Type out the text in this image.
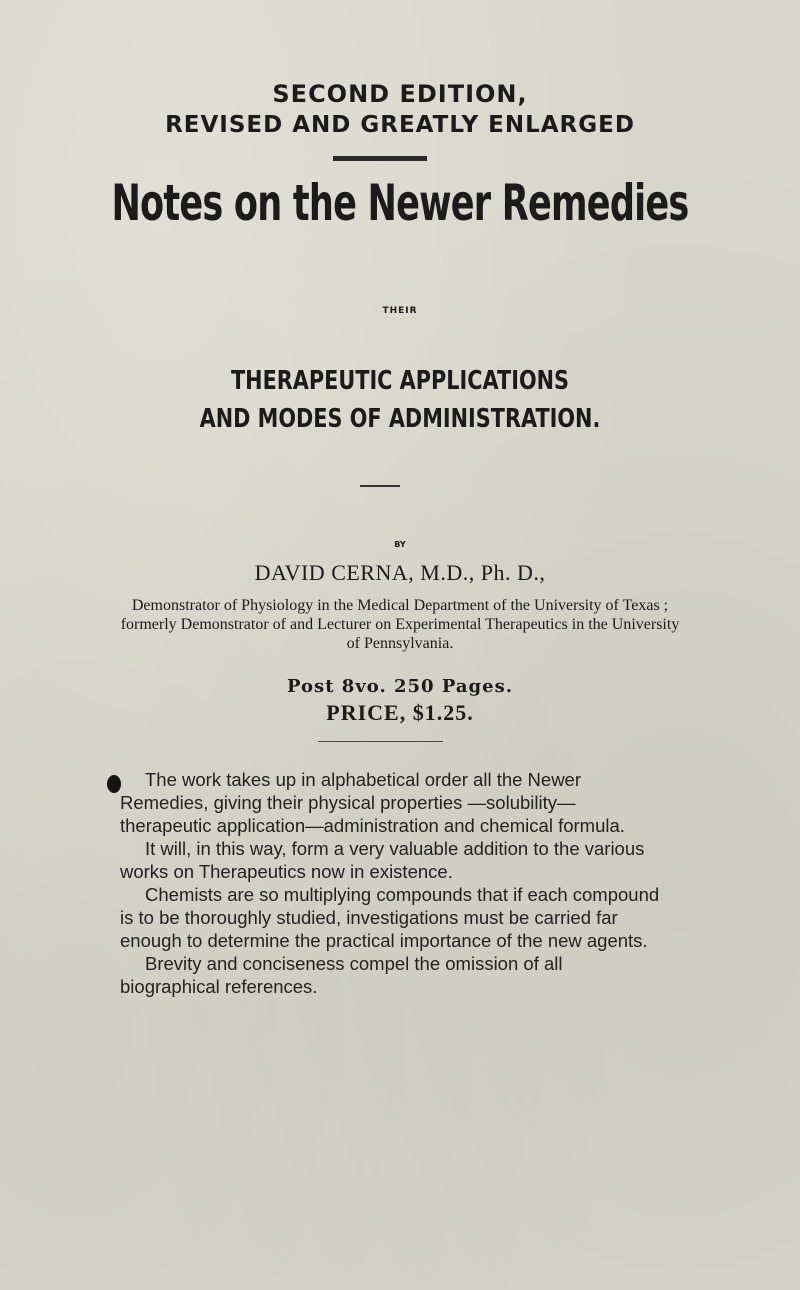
SECOND EDITION,
REVISED AND GREATLY ENLARGED
Notes on the Newer Remedies
THEIR
THERAPEUTIC APPLICATIONS
AND MODES OF ADMINISTRATION.
BY
DAVID CERNA, M.D., Ph. D.,
Demonstrator of Physiology in the Medical Department of the University of Texas ; formerly Demonstrator of and Lecturer on Experimental Therapeutics in the University of Pennsylvania.
Post 8vo. 250 Pages.
PRICE, $1.25.

The work takes up in alphabetical order all the Newer Remedies, giving their physical properties —solubility—therapeutic application—administration and chemical formula.

It will, in this way, form a very valuable addition to the various works on Therapeutics now in existence.

Chemists are so multiplying compounds that if each compound is to be thoroughly studied, investigations must be carried far enough to determine the practical importance of the new agents.

Brevity and conciseness compel the omission of all biographical references.
